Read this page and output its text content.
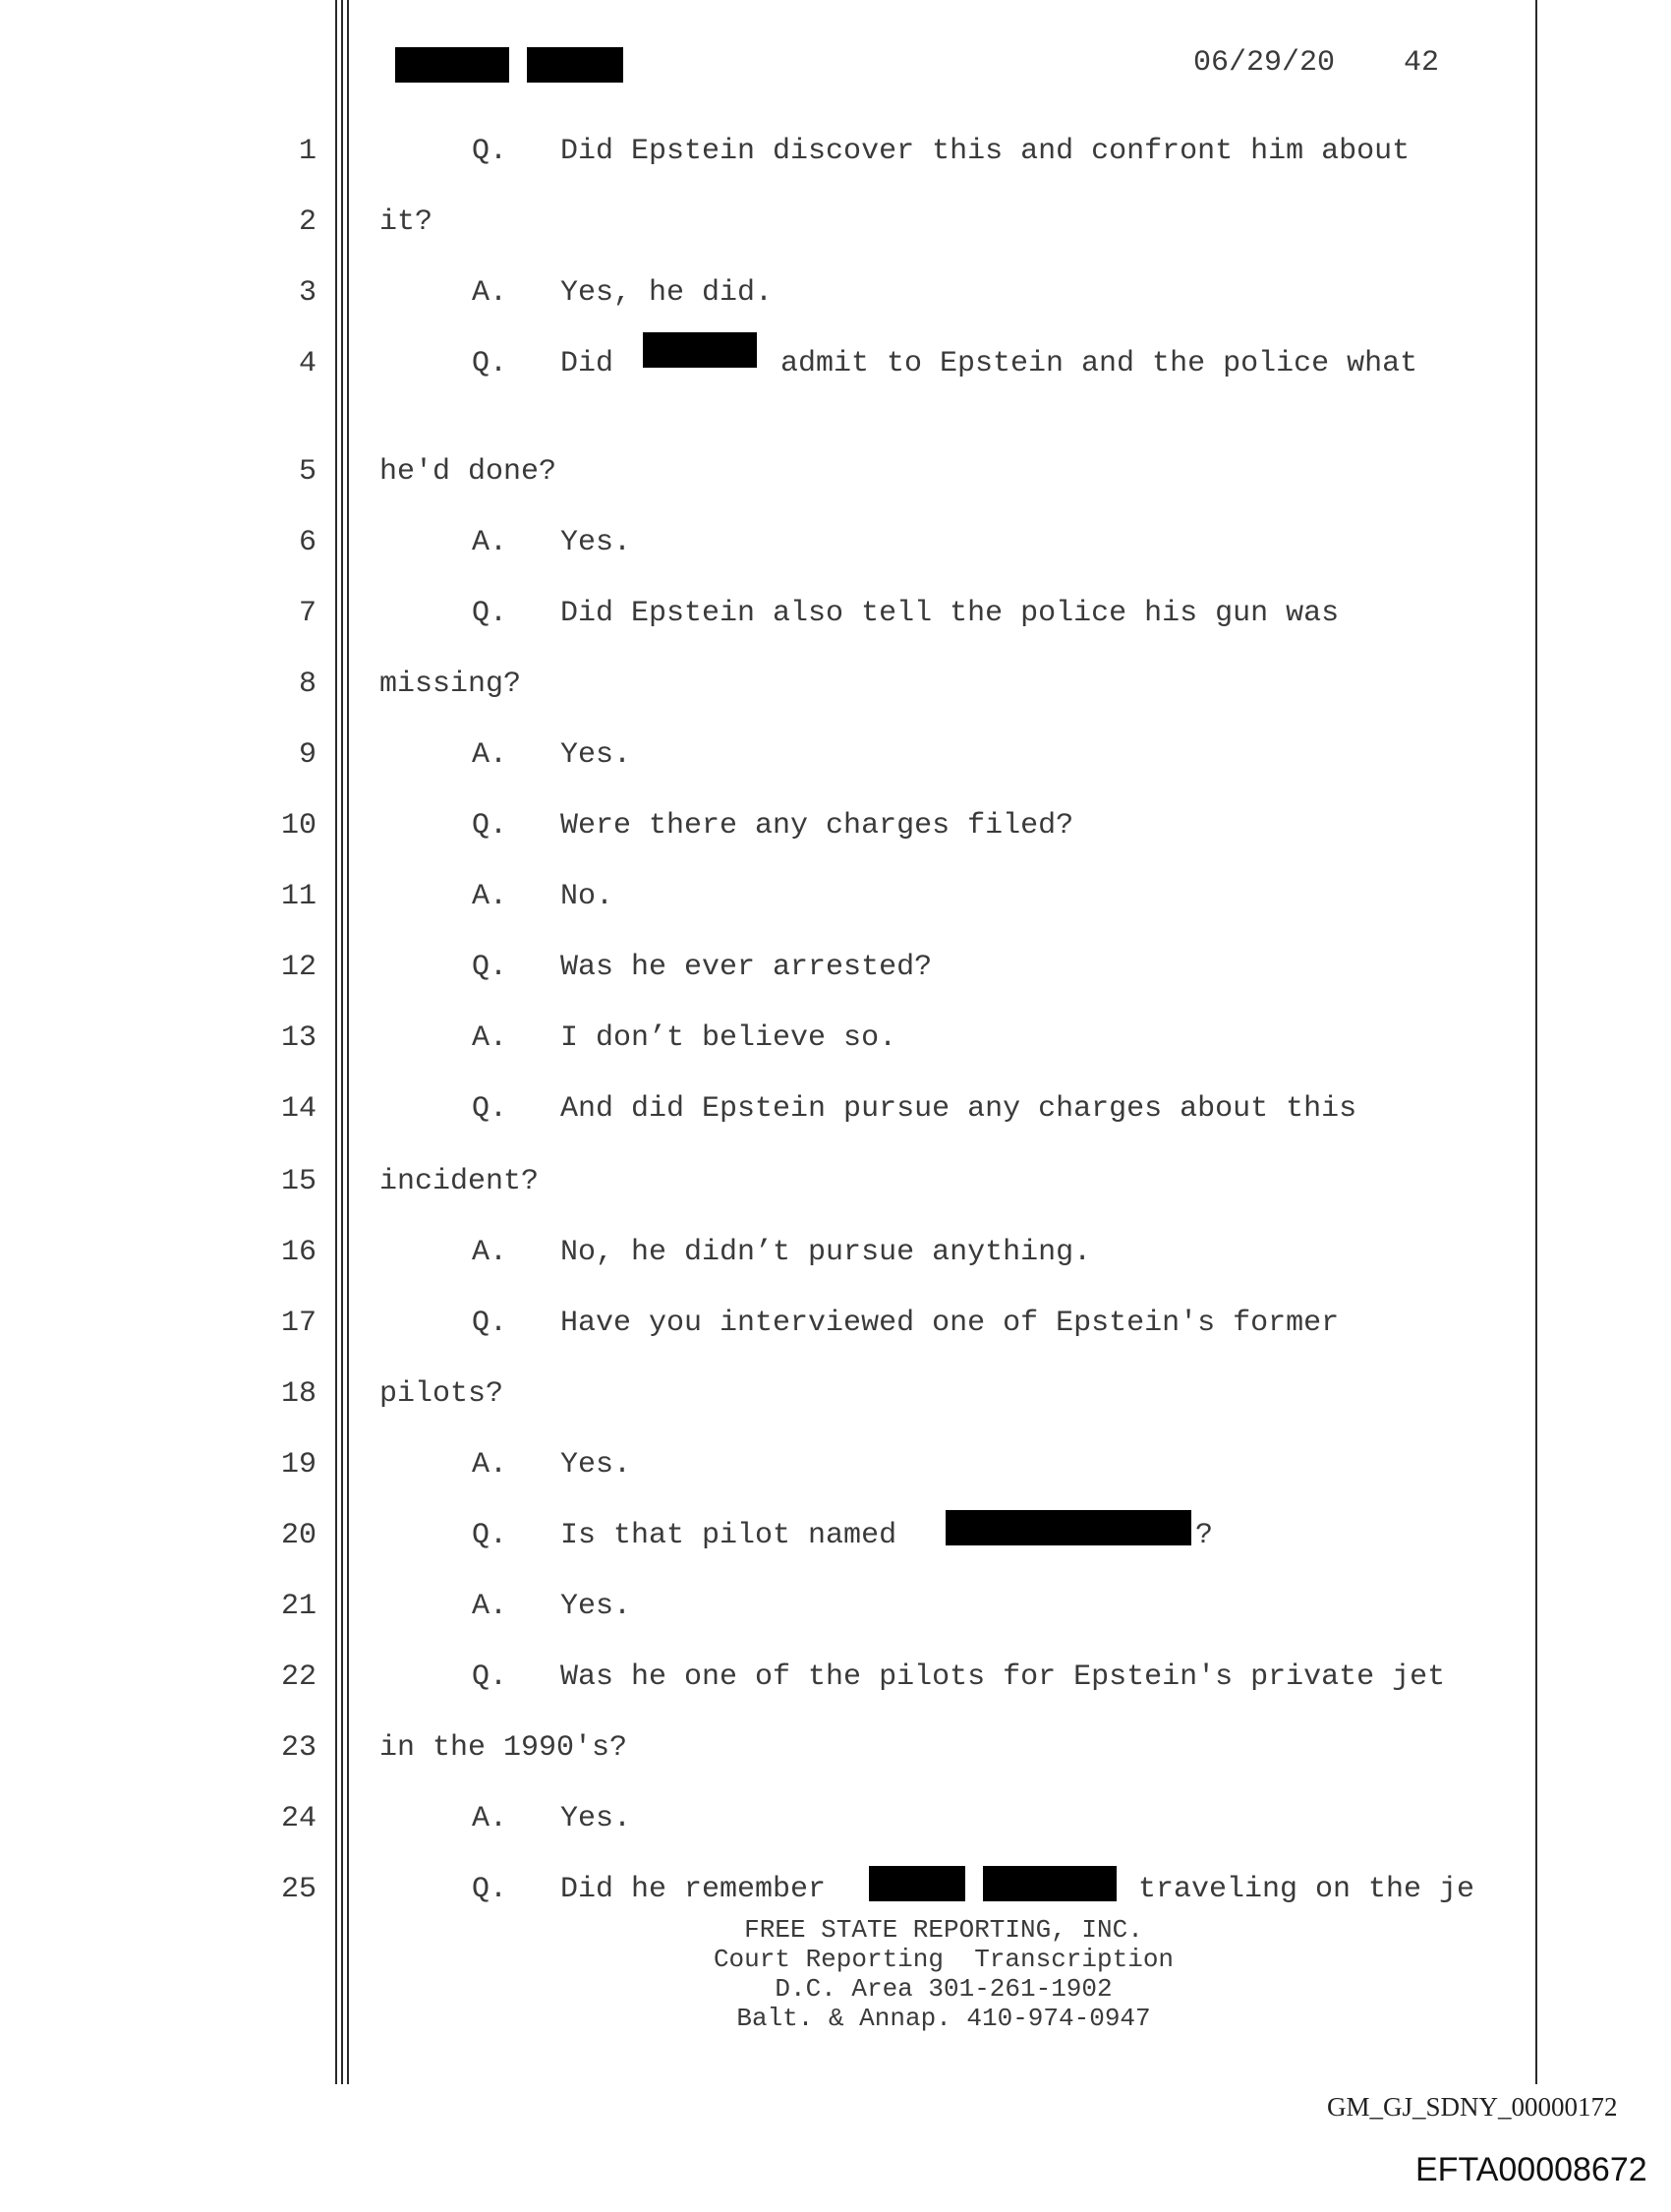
06/29/20 42
1	Q.   Did Epstein discover this and confront him about
2 it?
3	A.   Yes, he did.
4	Q.   Did	admit to Epstein and the police what
5 he'd done?
6	A.   Yes.
7	Q.   Did Epstein also tell the police his gun was
8 missing?
9	A.   Yes.
10	Q.   Were there any charges filed?
11	A.   No.
12	Q.   Was he ever arrested?
13	A.   I don’t believe so.
14	Q.   And did Epstein pursue any charges about this
15 incident?
16	A.   No, he didn’t pursue anything.
17	Q.   Have you interviewed one of Epstein's former
18 pilots?
19	A.   Yes.
20	Q.   Is that pilot named	?
21	A.   Yes.
22	Q.   Was he one of the pilots for Epstein's private jet
23 in the 1990's?
24	A.   Yes.
25	Q.   Did he remember	traveling on the je
FREE STATE REPORTING, INC.
Court Reporting  Transcription
D.C. Area 301-261-1902
Balt. & Annap. 410-974-0947
GM_GJ_SDNY_00000172
EFTA00008672
